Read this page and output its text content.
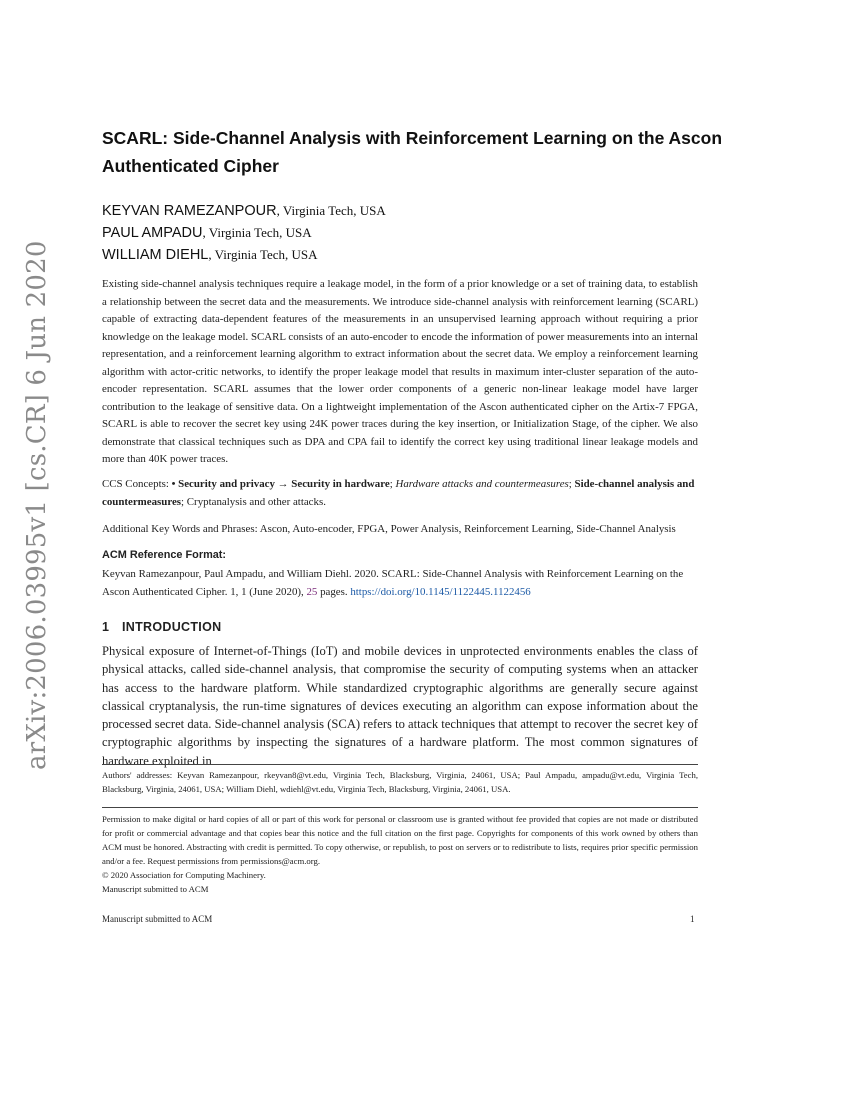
arXiv:2006.03995v1 [cs.CR] 6 Jun 2020
SCARL: Side-Channel Analysis with Reinforcement Learning on the Ascon Authenticated Cipher
KEYVAN RAMEZANPOUR, Virginia Tech, USA
PAUL AMPADU, Virginia Tech, USA
WILLIAM DIEHL, Virginia Tech, USA
Existing side-channel analysis techniques require a leakage model, in the form of a prior knowledge or a set of training data, to establish a relationship between the secret data and the measurements. We introduce side-channel analysis with reinforcement learning (SCARL) capable of extracting data-dependent features of the measurements in an unsupervised learning approach without requiring a prior knowledge on the leakage model. SCARL consists of an auto-encoder to encode the information of power measurements into an internal representation, and a reinforcement learning algorithm to extract information about the secret data. We employ a reinforcement learning algorithm with actor-critic networks, to identify the proper leakage model that results in maximum inter-cluster separation of the auto-encoder representation. SCARL assumes that the lower order components of a generic non-linear leakage model have larger contribution to the leakage of sensitive data. On a lightweight implementation of the Ascon authenticated cipher on the Artix-7 FPGA, SCARL is able to recover the secret key using 24K power traces during the key insertion, or Initialization Stage, of the cipher. We also demonstrate that classical techniques such as DPA and CPA fail to identify the correct key using traditional linear leakage models and more than 40K power traces.
CCS Concepts: • Security and privacy → Security in hardware; Hardware attacks and countermeasures; Side-channel analysis and countermeasures; Cryptanalysis and other attacks.
Additional Key Words and Phrases: Ascon, Auto-encoder, FPGA, Power Analysis, Reinforcement Learning, Side-Channel Analysis
ACM Reference Format:
Keyvan Ramezanpour, Paul Ampadu, and William Diehl. 2020. SCARL: Side-Channel Analysis with Reinforcement Learning on the Ascon Authenticated Cipher. 1, 1 (June 2020), 25 pages. https://doi.org/10.1145/1122445.1122456
1 INTRODUCTION
Physical exposure of Internet-of-Things (IoT) and mobile devices in unprotected environments enables the class of physical attacks, called side-channel analysis, that compromise the security of computing systems when an attacker has access to the hardware platform. While standardized cryptographic algorithms are generally secure against classical cryptanalysis, the run-time signatures of devices executing an algorithm can expose information about the processed secret data. Side-channel analysis (SCA) refers to attack techniques that attempt to recover the secret key of cryptographic algorithms by inspecting the signatures of a hardware platform. The most common signatures of hardware exploited in
Authors' addresses: Keyvan Ramezanpour, rkeyvan8@vt.edu, Virginia Tech, Blacksburg, Virginia, 24061, USA; Paul Ampadu, ampadu@vt.edu, Virginia Tech, Blacksburg, Virginia, 24061, USA; William Diehl, wdiehl@vt.edu, Virginia Tech, Blacksburg, Virginia, 24061, USA.
Permission to make digital or hard copies of all or part of this work for personal or classroom use is granted without fee provided that copies are not made or distributed for profit or commercial advantage and that copies bear this notice and the full citation on the first page. Copyrights for components of this work owned by others than ACM must be honored. Abstracting with credit is permitted. To copy otherwise, or republish, to post on servers or to redistribute to lists, requires prior specific permission and/or a fee. Request permissions from permissions@acm.org.
© 2020 Association for Computing Machinery.
Manuscript submitted to ACM
Manuscript submitted to ACM	1
